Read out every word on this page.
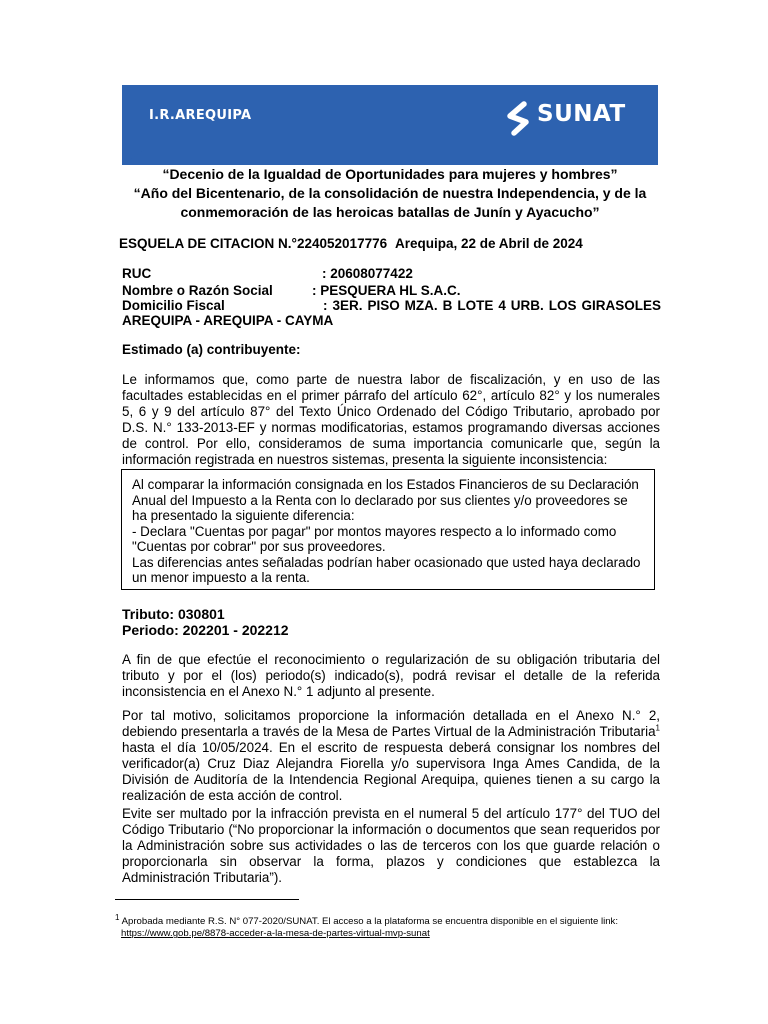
I.R.AREQUIPA	SUNAT

“Decenio de la Igualdad de Oportunidades para mujeres y hombres”

“Año del Bicentenario, de la consolidación de nuestra Independencia, y de la

conmemoración de las heroicas batallas de Junín y Ayacucho”

ESQUELA DE CITACION N.° 224052017776 Arequipa, 22 de Abril de 2024

RUC	: 20608077422

Nombre o Razón Social	: PESQUERA HL S.A.C.

Domicilio Fiscal	: 3ER. PISO MZA. B LOTE 4 URB. LOS GIRASOLES

AREQUIPA - AREQUIPA - CAYMA

Estimado (a) contribuyente:

Le informamos que, como parte de nuestra labor de fiscalización, y en uso de las facultades establecidas en el primer párrafo del artículo 62°, artículo 82° y los numerales 5, 6 y 9 del artículo 87° del Texto Único Ordenado del Código Tributario, aprobado por D.S. N.° 133-2013-EF y normas modificatorias, estamos programando diversas acciones de control. Por ello, consideramos de suma importancia comunicarle que, según la información registrada en nuestros sistemas, presenta la siguiente inconsistencia:

Al comparar la información consignada en los Estados Financieros de su Declaración Anual del Impuesto a la Renta con lo declarado por sus clientes y/o proveedores se ha presentado la siguiente diferencia:

- Declara "Cuentas por pagar" por montos mayores respecto a lo informado como "Cuentas por cobrar" por sus proveedores.

Las diferencias antes señaladas podrían haber ocasionado que usted haya declarado un menor impuesto a la renta.

Tributo: 030801

Periodo: 202201 - 202212

A fin de que efectúe el reconocimiento o regularización de su obligación tributaria del tributo y por el (los) periodo(s) indicado(s), podrá revisar el detalle de la referida inconsistencia en el Anexo N.° 1 adjunto al presente.

Por tal motivo, solicitamos proporcione la información detallada en el Anexo N.° 2, debiendo presentarla a través de la Mesa de Partes Virtual de la Administración Tributaria$^1$ hasta el día 10/05/2024. En el escrito de respuesta deberá consignar los nombres del verificador(a) Cruz Diaz Alejandra Fiorella y/o supervisora Inga Ames Candida, de la División de Auditoría de la Intendencia Regional Arequipa, quienes tienen a su cargo la realización de esta acción de control.

Evite ser multado por la infracción prevista en el numeral 5 del artículo 177° del TUO del Código Tributario (“No proporcionar la información o documentos que sean requeridos por la Administración sobre sus actividades o las de terceros con los que guarde relación o proporcionarla sin observar la forma, plazos y condiciones que establezca la Administración Tributaria”).

$^1$ Aprobada mediante R.S. N° 077-2020/SUNAT. El acceso a la plataforma se encuentra disponible en el siguiente link:
https://www.gob.pe/8878-acceder-a-la-mesa-de-partes-virtual-mvp-sunat
